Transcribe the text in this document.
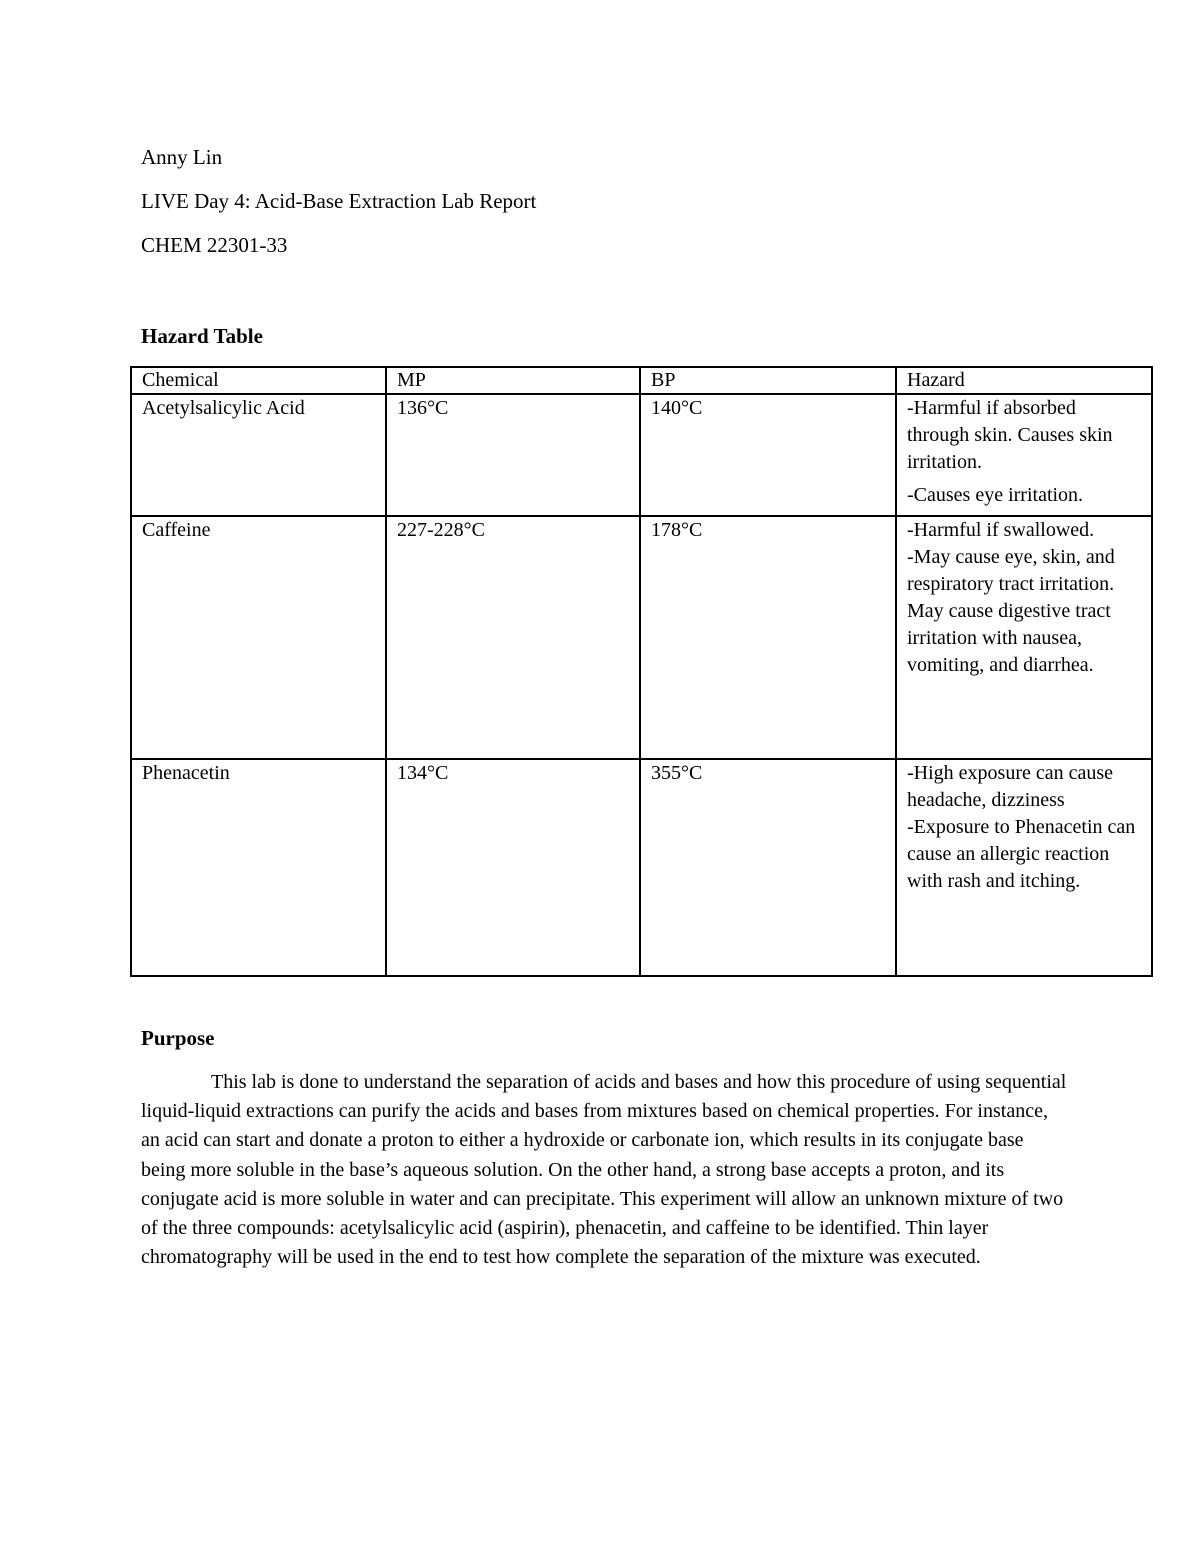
Anny Lin
LIVE Day 4: Acid-Base Extraction Lab Report
CHEM 22301-33
Hazard Table
Chemical	MP	BP	Hazard
Acetylsalicylic Acid	136°C	140°C	-Harmful if absorbed through skin. Causes skin irritation.
-Causes eye irritation.

Caffeine	227-228°C	178°C	-Harmful if swallowed.
-May cause eye, skin, and respiratory tract irritation. May cause digestive tract irritation with nausea, vomiting, and diarrhea.

Phenacetin	134°C	355°C	-High exposure can cause headache, dizziness
-Exposure to Phenacetin can cause an allergic reaction with rash and itching.
Purpose

This lab is done to understand the separation of acids and bases and how this procedure of using sequential liquid-liquid extractions can purify the acids and bases from mixtures based on chemical properties. For instance, an acid can start and donate a proton to either a hydroxide or carbonate ion, which results in its conjugate base being more soluble in the base’s aqueous solution. On the other hand, a strong base accepts a proton, and its conjugate acid is more soluble in water and can precipitate. This experiment will allow an unknown mixture of two of the three compounds: acetylsalicylic acid (aspirin), phenacetin, and caffeine to be identified. Thin layer chromatography will be used in the end to test how complete the separation of the mixture was executed.
